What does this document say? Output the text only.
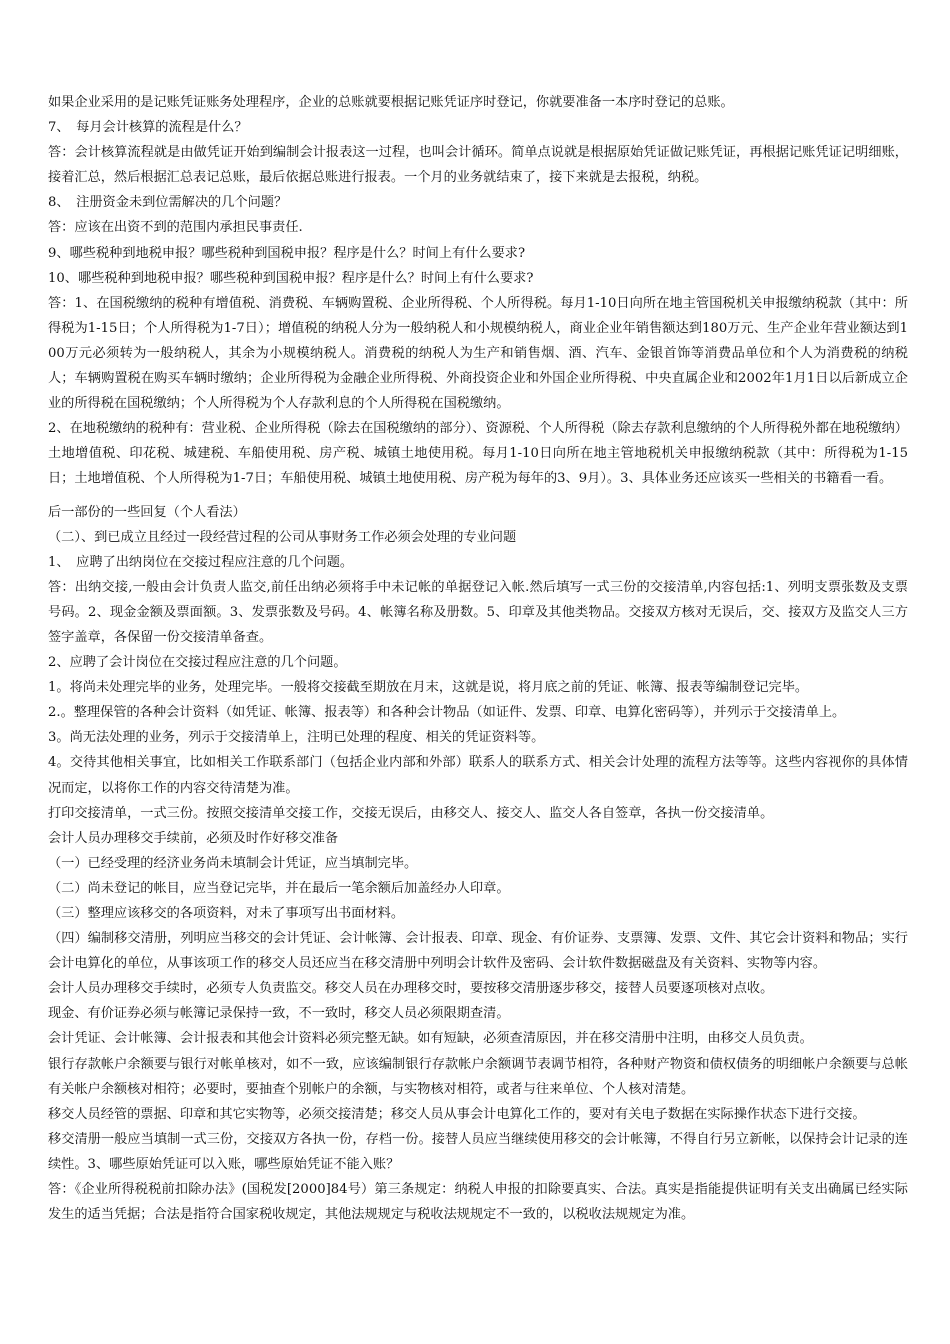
如果企业采用的是记账凭证账务处理程序，企业的总账就要根据记账凭证序时登记，你就要准备一本序时登记的总账。

7、　每月会计核算的流程是什么？

答：会计核算流程就是由做凭证开始到编制会计报表这一过程，也叫会计循环。简单点说就是根据原始凭证做记账凭证，再根据记账凭证记明细账，接着汇总，然后根据汇总表记总账，最后依据总账进行报表。一个月的业务就结束了，接下来就是去报税，纳税。

8、　注册资金未到位需解决的几个问题？

答：应该在出资不到的范围内承担民事责任.

9、哪些税种到地税申报？哪些税种到国税申报？程序是什么？时间上有什么要求?

10、哪些税种到地税申报？哪些税种到国税申报？程序是什么？时间上有什么要求?

答：1、在国税缴纳的税种有增值税、消费税、车辆购置税、企业所得税、个人所得税。每月1-10日向所在地主管国税机关申报缴纳税款（其中：所得税为1-15日；个人所得税为1-7日）；增值税的纳税人分为一般纳税人和小规模纳税人，商业企业年销售额达到180万元、生产企业年营业额达到100万元必须转为一般纳税人，其余为小规模纳税人。消费税的纳税人为生产和销售烟、酒、汽车、金银首饰等消费品单位和个人为消费税的纳税人；车辆购置税在购买车辆时缴纳；企业所得税为金融企业所得税、外商投资企业和外国企业所得税、中央直属企业和2002年1月1日以后新成立企业的所得税在国税缴纳；个人所得税为个人存款利息的个人所得税在国税缴纳。

2、在地税缴纳的税种有：营业税、企业所得税（除去在国税缴纳的部分）、资源税、个人所得税（除去存款利息缴纳的个人所得税外都在地税缴纳）土地增值税、印花税、城建税、车船使用税、房产税、城镇土地使用税。每月1-10日向所在地主管地税机关申报缴纳税款（其中：所得税为1-15日；土地增值税、个人所得税为1-7日；车船使用税、城镇土地使用税、房产税为每年的3、9月）。3、具体业务还应该买一些相关的书籍看一看。

后一部份的一些回复（个人看法）

（二）、到已成立且经过一段经营过程的公司从事财务工作必须会处理的专业问题

1、　应聘了出纳岗位在交接过程应注意的几个问题。

答：出纳交接,一般由会计负责人监交,前任出纳必须将手中未记帐的单据登记入帐.然后填写一式三份的交接清单,内容包括:1、列明支票张数及支票号码。2、现金金额及票面额。3、发票张数及号码。4、帐簿名称及册数。5、印章及其他类物品。交接双方核对无误后，交、接双方及监交人三方签字盖章，各保留一份交接清单备查。

2、应聘了会计岗位在交接过程应注意的几个问题。

1。将尚未处理完毕的业务，处理完毕。一般将交接截至期放在月末，这就是说，将月底之前的凭证、帐簿、报表等编制登记完毕。

2.。整理保管的各种会计资料（如凭证、帐簿、报表等）和各种会计物品（如证件、发票、印章、电算化密码等），并列示于交接清单上。

3。尚无法处理的业务，列示于交接清单上，注明已处理的程度、相关的凭证资料等。

4。交待其他相关事宜，比如相关工作联系部门（包括企业内部和外部）联系人的联系方式、相关会计处理的流程方法等等。这些内容视你的具体情况而定，以将你工作的内容交待清楚为准。

打印交接清单，一式三份。按照交接清单交接工作，交接无误后，由移交人、接交人、监交人各自签章，各执一份交接清单。

会计人员办理移交手续前，必须及时作好移交准备

（一）已经受理的经济业务尚未填制会计凭证，应当填制完毕。

（二）尚未登记的帐目，应当登记完毕，并在最后一笔余额后加盖经办人印章。

（三）整理应该移交的各项资料，对未了事项写出书面材料。

（四）编制移交清册，列明应当移交的会计凭证、会计帐簿、会计报表、印章、现金、有价证券、支票簿、发票、文件、其它会计资料和物品；实行会计电算化的单位，从事该项工作的移交人员还应当在移交清册中列明会计软件及密码、会计软件数据磁盘及有关资料、实物等内容。

会计人员办理移交手续时，必须专人负责监交。移交人员在办理移交时，要按移交清册逐步移交，接替人员要逐项核对点收。

现金、有价证券必须与帐簿记录保持一致，不一致时，移交人员必须限期查清。

会计凭证、会计帐簿、会计报表和其他会计资料必须完整无缺。如有短缺，必须查清原因，并在移交清册中注明，由移交人员负责。

银行存款帐户余额要与银行对帐单核对，如不一致，应该编制银行存款帐户余额调节表调节相符，各种财产物资和债权债务的明细帐户余额要与总帐有关帐户余额核对相符；必要时，要抽查个别帐户的余额，与实物核对相符，或者与往来单位、个人核对清楚。

移交人员经管的票据、印章和其它实物等，必须交接清楚；移交人员从事会计电算化工作的，要对有关电子数据在实际操作状态下进行交接。

移交清册一般应当填制一式三份，交接双方各执一份，存档一份。接替人员应当继续使用移交的会计帐簿，不得自行另立新帐，以保持会计记录的连续性。3、哪些原始凭证可以入账，哪些原始凭证不能入账？

答：《企业所得税税前扣除办法》(国税发[2000]84号）第三条规定：纳税人申报的扣除要真实、合法。真实是指能提供证明有关支出确属已经实际发生的适当凭据；合法是指符合国家税收规定，其他法规规定与税收法规规定不一致的，以税收法规规定为准。
